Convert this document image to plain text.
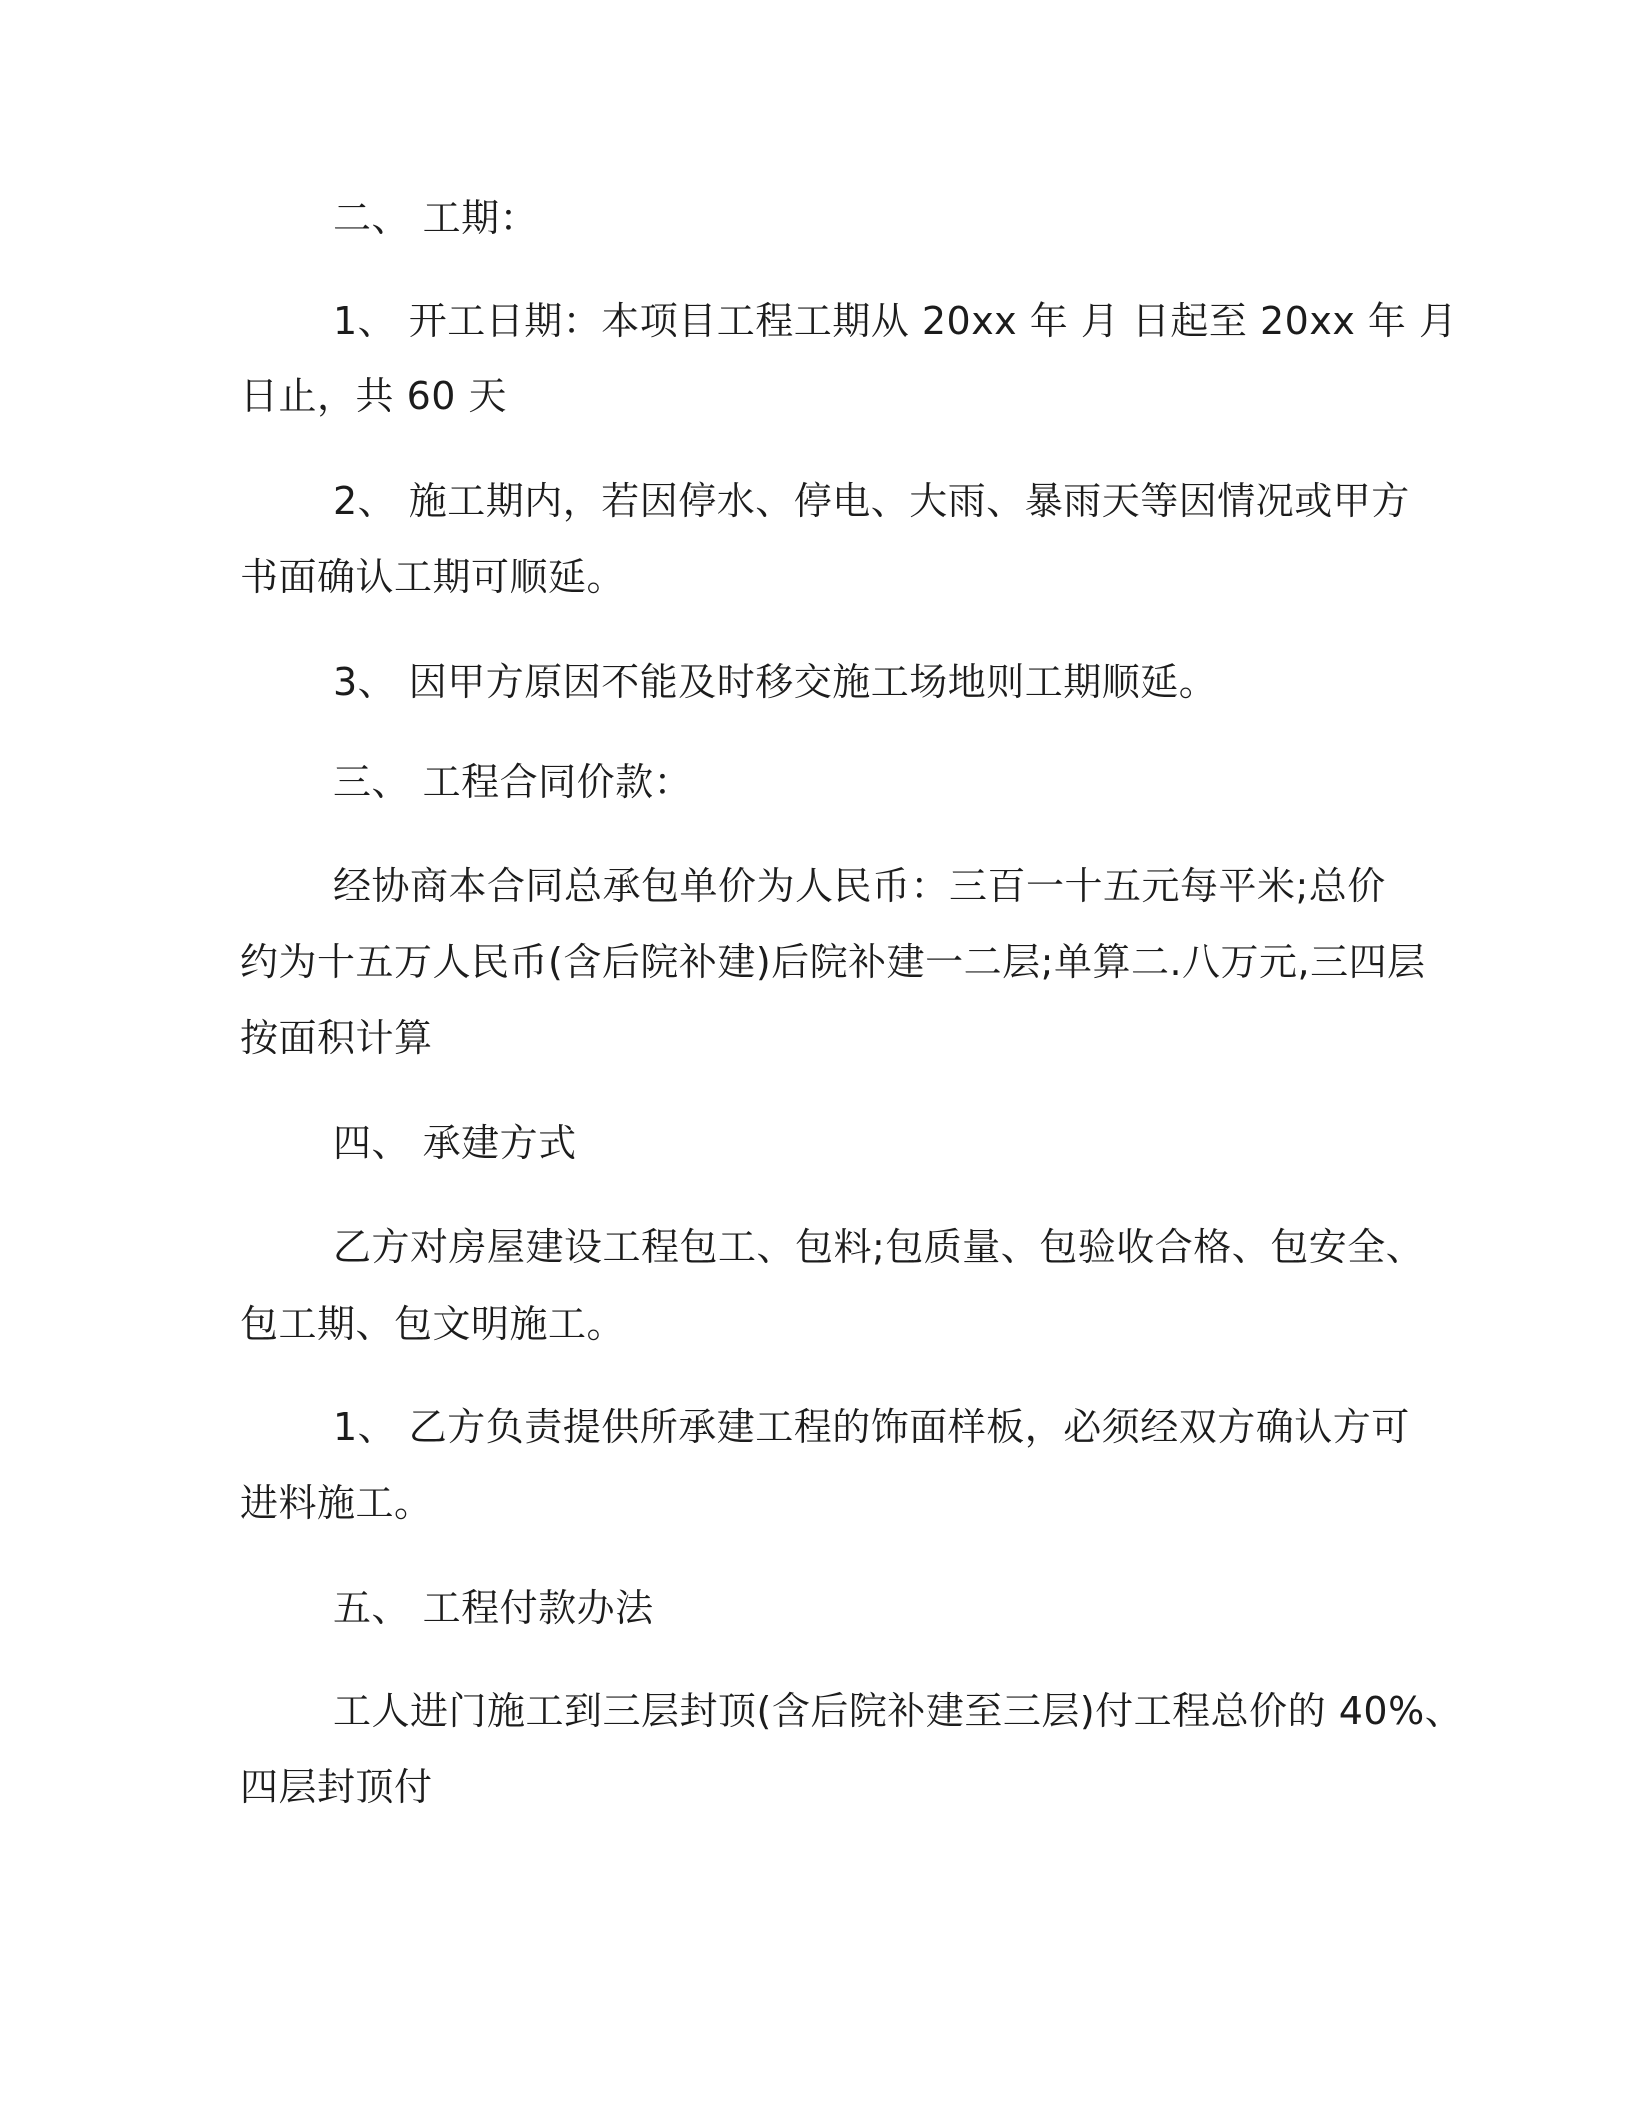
二、 工期：
1、 开工日期：本项目工程工期从 20xx 年 月 日起至 20xx 年 月
日止，共 60 天
2、 施工期内，若因停水、停电、大雨、暴雨天等因情况或甲方
书面确认工期可顺延。
3、 因甲方原因不能及时移交施工场地则工期顺延。
三、 工程合同价款：
经协商本合同总承包单价为人民币：三百一十五元每平米;总价
约为十五万人民币(含后院补建)后院补建一二层;单算二.八万元,三四层
按面积计算
四、 承建方式
乙方对房屋建设工程包工、包料;包质量、包验收合格、包安全、
包工期、包文明施工。
1、 乙方负责提供所承建工程的饰面样板，必须经双方确认方可
进料施工。
五、 工程付款办法
工人进门施工到三层封顶(含后院补建至三层)付工程总价的 40%、
四层封顶付
